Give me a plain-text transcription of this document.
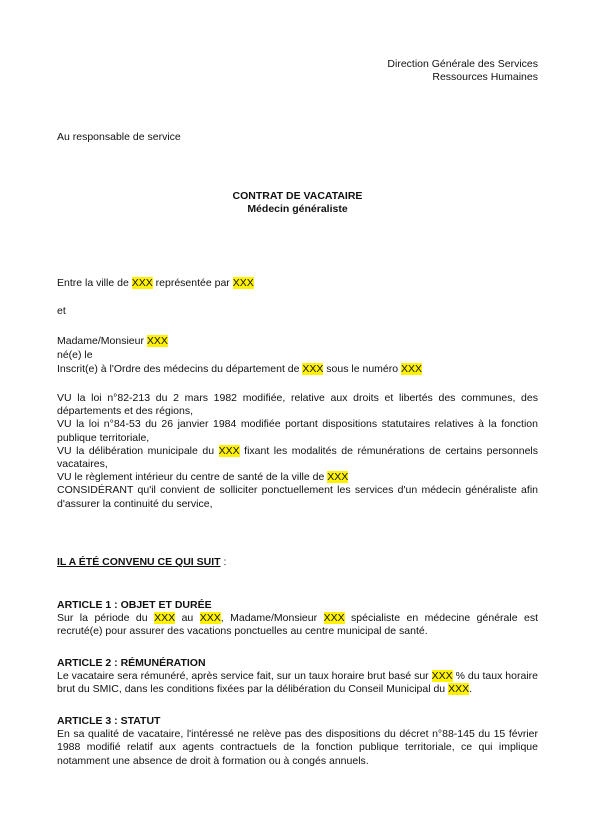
Direction Générale des Services
Ressources Humaines
Au responsable de service
CONTRAT DE VACATAIRE
Médecin généraliste
Entre la ville de XXX représentée par XXX
et
Madame/Monsieur XXX
né(e) le
Inscrit(e) à l'Ordre des médecins du département de XXX sous le numéro XXX
VU la loi n°82-213 du 2 mars 1982 modifiée, relative aux droits et libertés des communes, des départements et des régions,
VU la loi n°84-53 du 26 janvier 1984 modifiée portant dispositions statutaires relatives à la fonction publique territoriale,
VU la délibération municipale du XXX fixant les modalités de rémunérations de certains personnels vacataires,
VU le règlement intérieur du centre de santé de la ville de XXX
CONSIDÉRANT qu'il convient de solliciter ponctuellement les services d'un médecin généraliste afin d'assurer la continuité du service,
IL A ÉTÉ CONVENU CE QUI SUIT :
ARTICLE 1 : OBJET ET DURÉE
Sur la période du XXX au XXX, Madame/Monsieur XXX spécialiste en médecine générale est recruté(e) pour assurer des vacations ponctuelles au centre municipal de santé.
ARTICLE 2 : RÉMUNÉRATION
Le vacataire sera rémunéré, après service fait, sur un taux horaire brut basé sur XXX % du taux horaire brut du SMIC, dans les conditions fixées par la délibération du Conseil Municipal du XXX.
ARTICLE 3 : STATUT
En sa qualité de vacataire, l'intéressé ne relève pas des dispositions du décret n°88-145 du 15 février 1988 modifié relatif aux agents contractuels de la fonction publique territoriale, ce qui implique notamment une absence de droit à formation ou à congés annuels.
